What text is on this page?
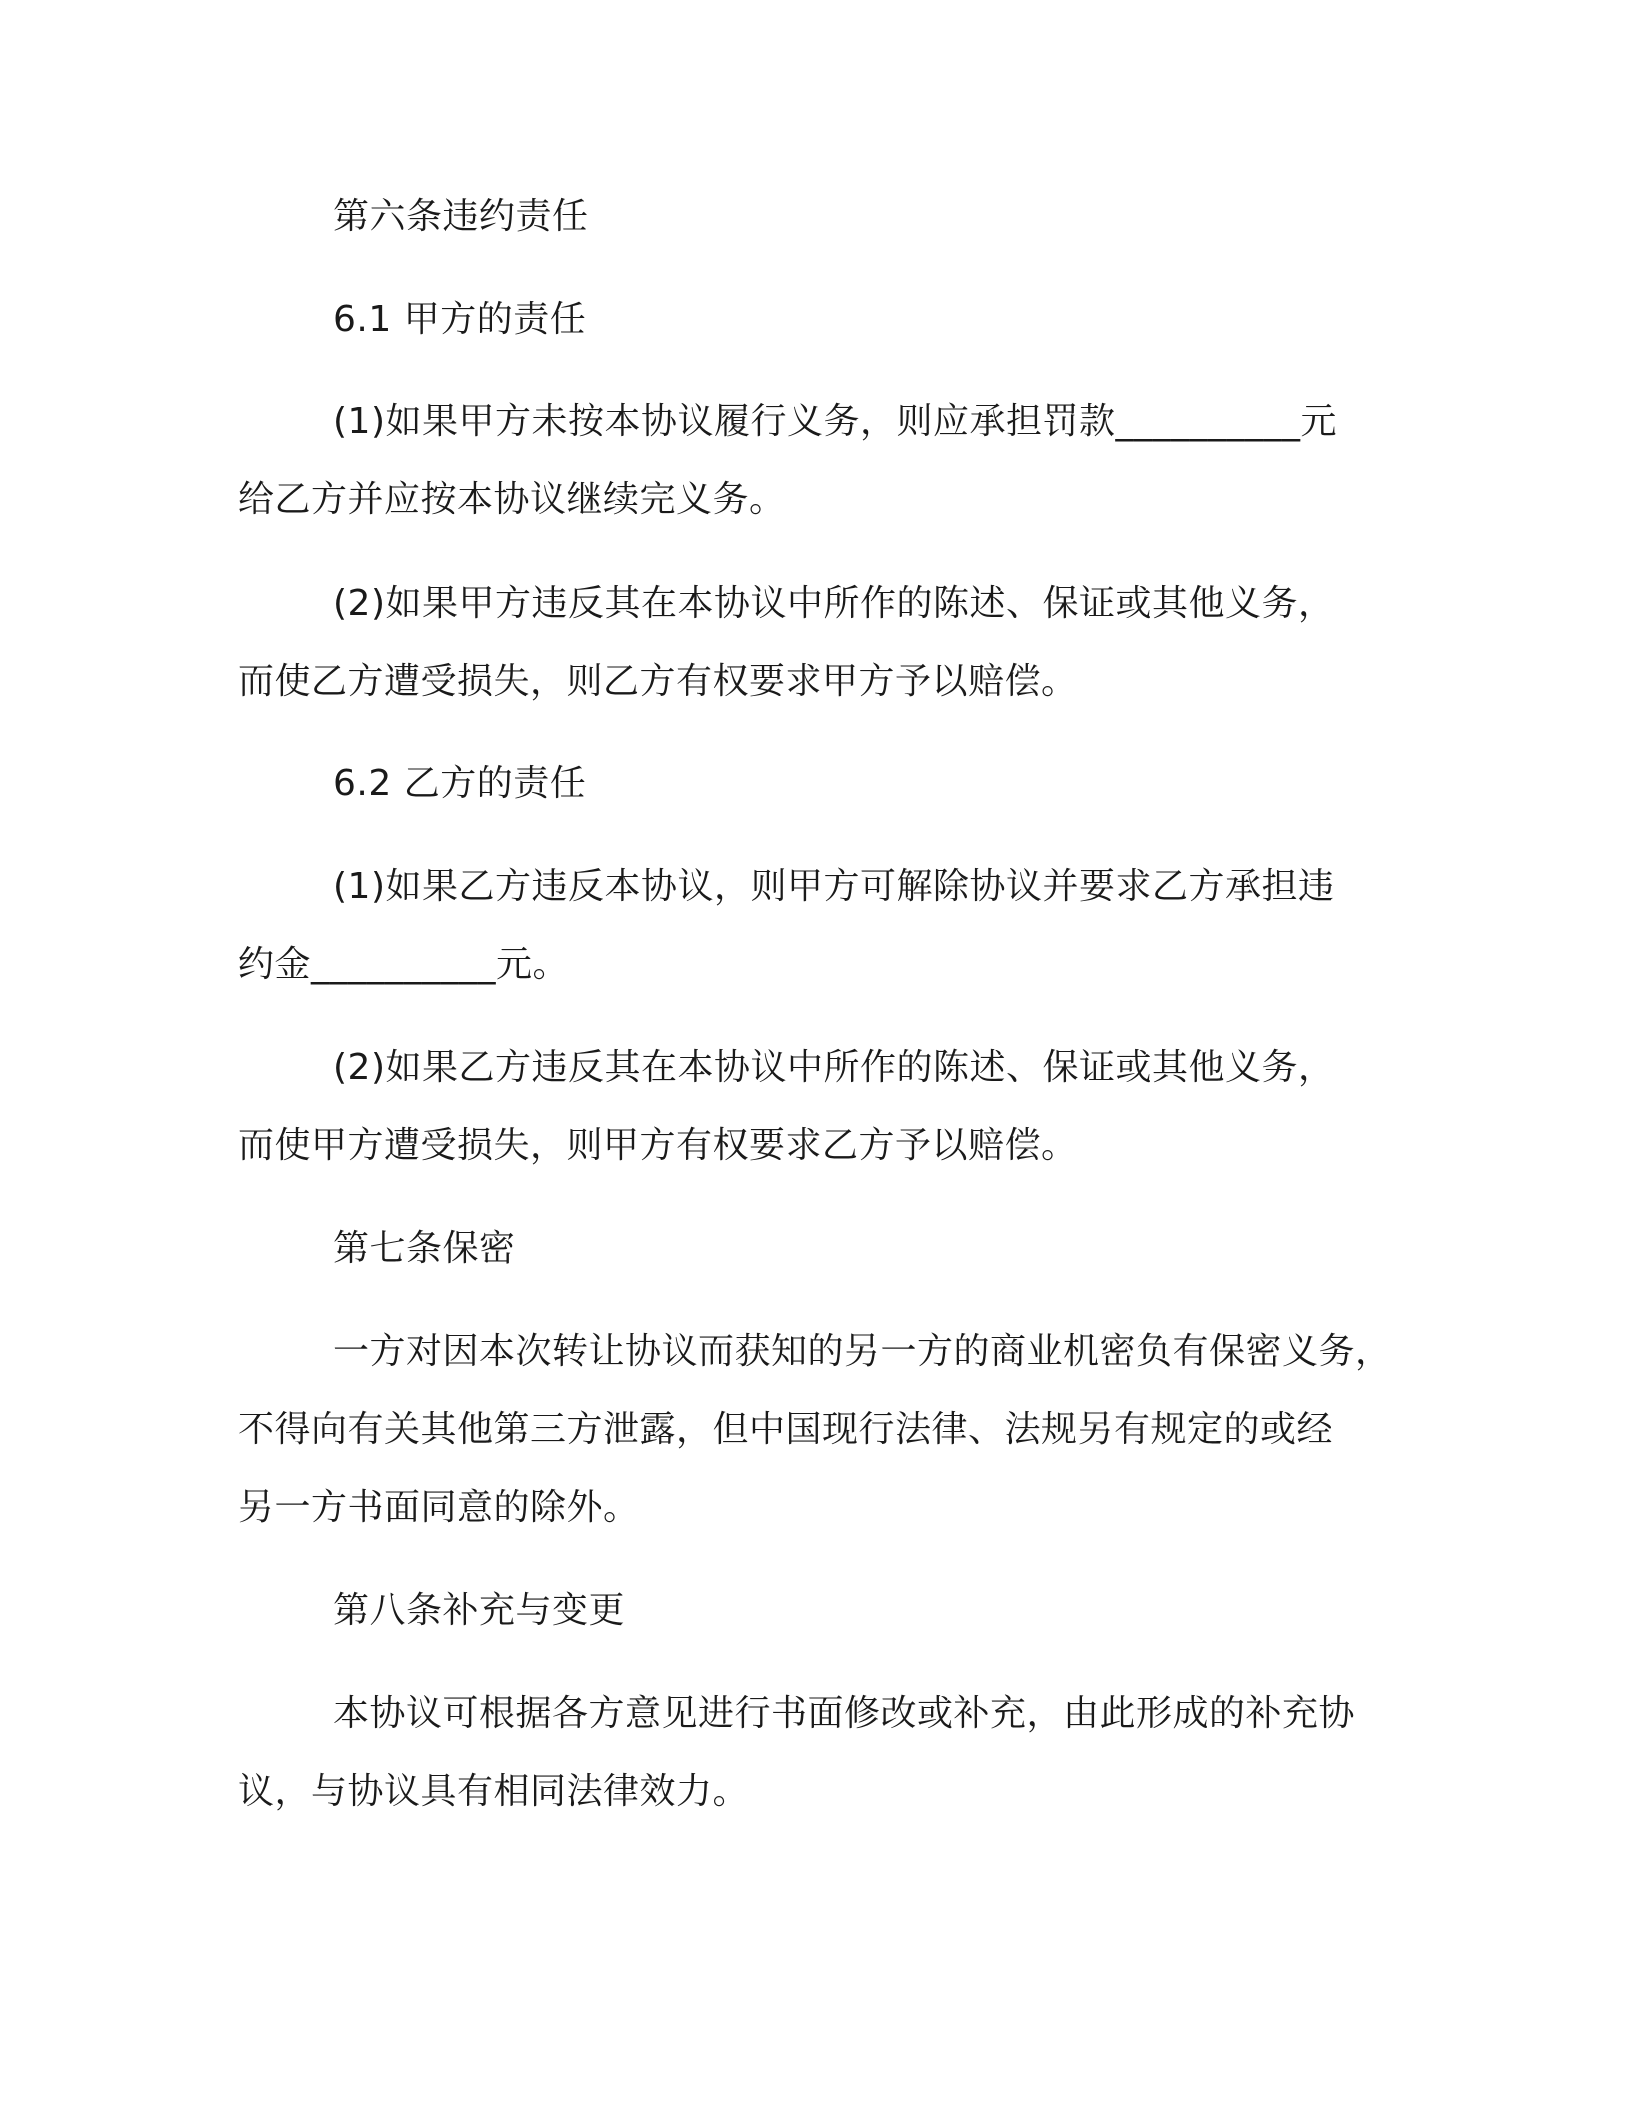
第六条违约责任
6.1 甲方的责任
(1)如果甲方未按本协议履行义务，则应承担罚款__________元
给乙方并应按本协议继续完义务。
(2)如果甲方违反其在本协议中所作的陈述、保证或其他义务，
而使乙方遭受损失，则乙方有权要求甲方予以赔偿。
6.2 乙方的责任
(1)如果乙方违反本协议，则甲方可解除协议并要求乙方承担违
约金__________元。
(2)如果乙方违反其在本协议中所作的陈述、保证或其他义务，
而使甲方遭受损失，则甲方有权要求乙方予以赔偿。
第七条保密
一方对因本次转让协议而获知的另一方的商业机密负有保密义务，
不得向有关其他第三方泄露，但中国现行法律、法规另有规定的或经
另一方书面同意的除外。
第八条补充与变更
本协议可根据各方意见进行书面修改或补充，由此形成的补充协
议，与协议具有相同法律效力。
